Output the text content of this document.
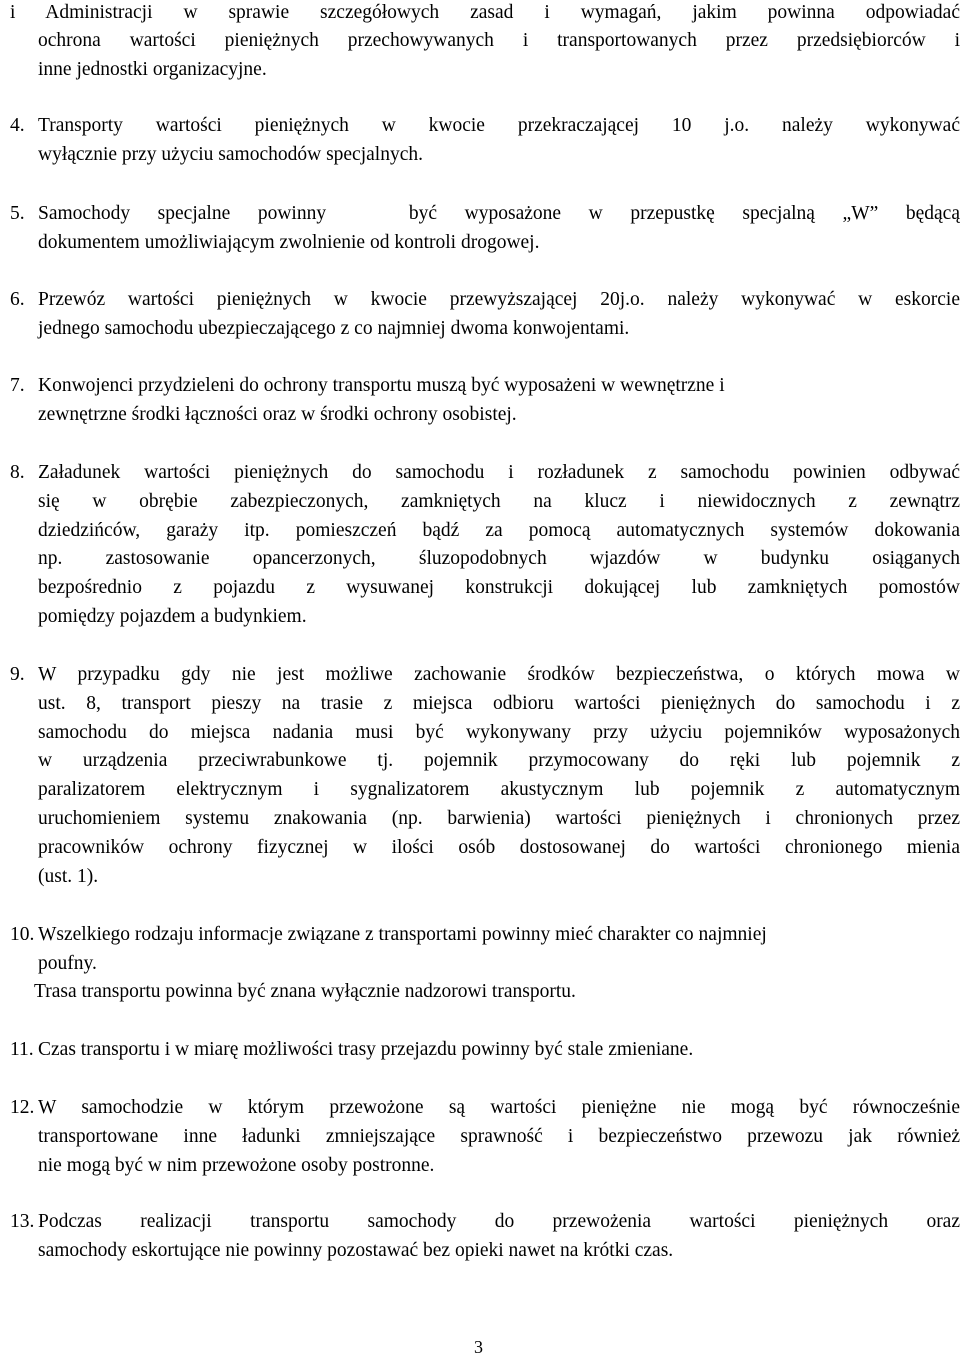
i Administracji w sprawie szczegółowych zasad i wymagań, jakim powinna odpowiadać
ochrona wartości pieniężnych przechowywanych i transportowanych przez przedsiębiorców i
inne jednostki organizacyjne.
4. Transporty wartości pieniężnych w kwocie przekraczającej 10 j.o. należy wykonywać
wyłącznie przy użyciu samochodów specjalnych.
5. Samochody specjalne powinny   być wyposażone w przepustkę specjalną „W” będącą
dokumentem umożliwiającym zwolnienie od kontroli drogowej.
6. Przewóz wartości pieniężnych w kwocie przewyższającej 20j.o. należy wykonywać w eskorcie
jednego samochodu ubezpieczającego z co najmniej dwoma konwojentami.
7. Konwojenci przydzieleni do ochrony transportu muszą być wyposażeni w wewnętrzne i
zewnętrzne środki łączności oraz w środki ochrony osobistej.
8. Załadunek wartości pieniężnych do samochodu i rozładunek z samochodu powinien odbywać
się w obrębie zabezpieczonych, zamkniętych na klucz i niewidocznych z zewnątrz
dziedzińców, garaży itp. pomieszczeń bądź za pomocą automatycznych systemów dokowania
np. zastosowanie opancerzonych, śluzopodobnych wjazdów w budynku osiąganych
bezpośrednio z pojazdu z wysuwanej konstrukcji dokującej lub zamkniętych pomostów
pomiędzy pojazdem a budynkiem.
9. W przypadku gdy nie jest możliwe zachowanie środków bezpieczeństwa, o których mowa w
ust. 8, transport pieszy na trasie z miejsca odbioru wartości pieniężnych do samochodu i z
samochodu do miejsca nadania musi być wykonywany przy użyciu pojemników wyposażonych
w urządzenia przeciwrabunkowe tj. pojemnik przymocowany do ręki lub pojemnik z
paralizatorem elektrycznym i sygnalizatorem akustycznym lub pojemnik z automatycznym
uruchomieniem systemu znakowania (np. barwienia) wartości pieniężnych i chronionych przez
pracowników ochrony fizycznej w ilości osób dostosowanej do wartości chronionego mienia
(ust. 1).
10. Wszelkiego rodzaju informacje związane z transportami powinny mieć charakter co najmniej
poufny.
Trasa transportu powinna być znana wyłącznie nadzorowi transportu.
11. Czas transportu i w miarę możliwości trasy przejazdu powinny być stale zmieniane.
12. W samochodzie w którym przewożone są wartości pieniężne nie mogą być równocześnie
transportowane inne ładunki zmniejszające sprawność i bezpieczeństwo przewozu jak również
nie mogą być w nim przewożone osoby postronne.
13. Podczas realizacji transportu samochody do przewożenia wartości pieniężnych oraz
samochody eskortujące nie powinny pozostawać bez opieki nawet na krótki czas.
3
